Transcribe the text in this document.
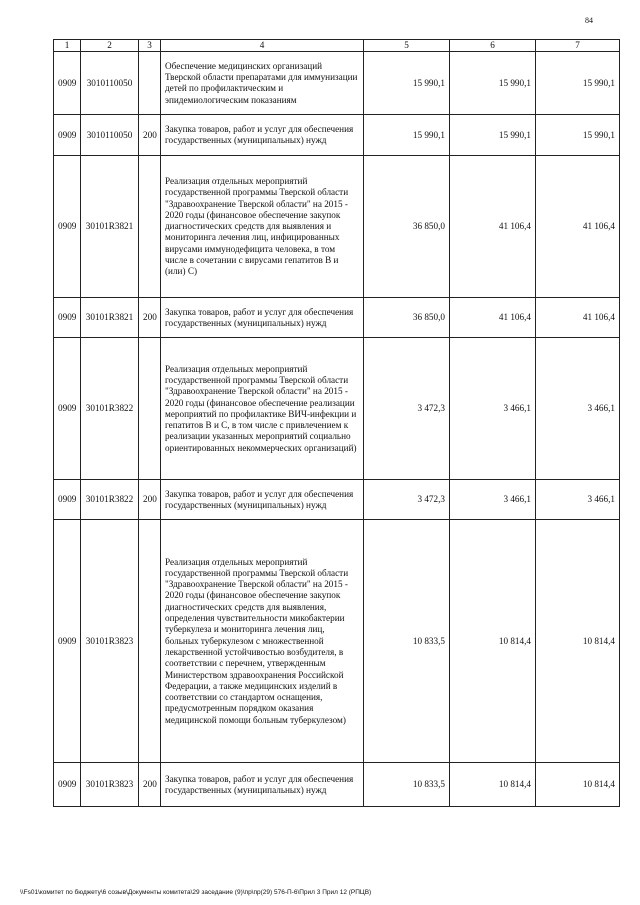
84
1	2	3	4	5	6	7
0909	3010110050		Обеспечение медицинских организаций Тверской области препаратами для иммунизации детей по профилактическим и эпидемиологическим показаниям	15 990,1	15 990,1	15 990,1
0909	3010110050	200	Закупка товаров, работ и услуг для обеспечения государственных (муниципальных) нужд	15 990,1	15 990,1	15 990,1
0909	30101R3821		Реализация отдельных мероприятий государственной программы Тверской области "Здравоохранение Тверской области" на 2015 - 2020 годы (финансовое обеспечение закупок диагностических средств для выявления и мониторинга лечения лиц, инфицированных вирусами иммунодефицита человека, в том числе в сочетании с вирусами гепатитов В и (или) С)	36 850,0	41 106,4	41 106,4
0909	30101R3821	200	Закупка товаров, работ и услуг для обеспечения государственных (муниципальных) нужд	36 850,0	41 106,4	41 106,4
0909	30101R3822		Реализация отдельных мероприятий государственной программы Тверской области "Здравоохранение Тверской области" на 2015 - 2020 годы (финансовое обеспечение реализации мероприятий по профилактике ВИЧ-инфекции и гепатитов В и С, в том числе с привлечением к реализации указанных мероприятий социально ориентированных некоммерческих организаций)	3 472,3	3 466,1	3 466,1
0909	30101R3822	200	Закупка товаров, работ и услуг для обеспечения государственных (муниципальных) нужд	3 472,3	3 466,1	3 466,1
0909	30101R3823		Реализация отдельных мероприятий государственной программы Тверской области "Здравоохранение Тверской области" на 2015 - 2020 годы (финансовое обеспечение закупок диагностических средств для выявления, определения чувствительности микобактерии туберкулеза и мониторинга лечения лиц, больных туберкулезом с множественной лекарственной устойчивостью возбудителя, в соответствии с перечнем, утвержденным Министерством здравоохранения Российской Федерации, а также медицинских изделий в соответствии со стандартом оснащения, предусмотренным порядком оказания медицинской помощи больным туберкулезом)	10 833,5	10 814,4	10 814,4
0909	30101R3823	200	Закупка товаров, работ и услуг для обеспечения государственных (муниципальных) нужд	10 833,5	10 814,4	10 814,4
\\Fs01\комитет по бюджету\6 созыв\Документы комитета\29 заседание (9)\пр\пр(29) 576-П-6\Прил 3 Прил 12 (РПЦВ)
